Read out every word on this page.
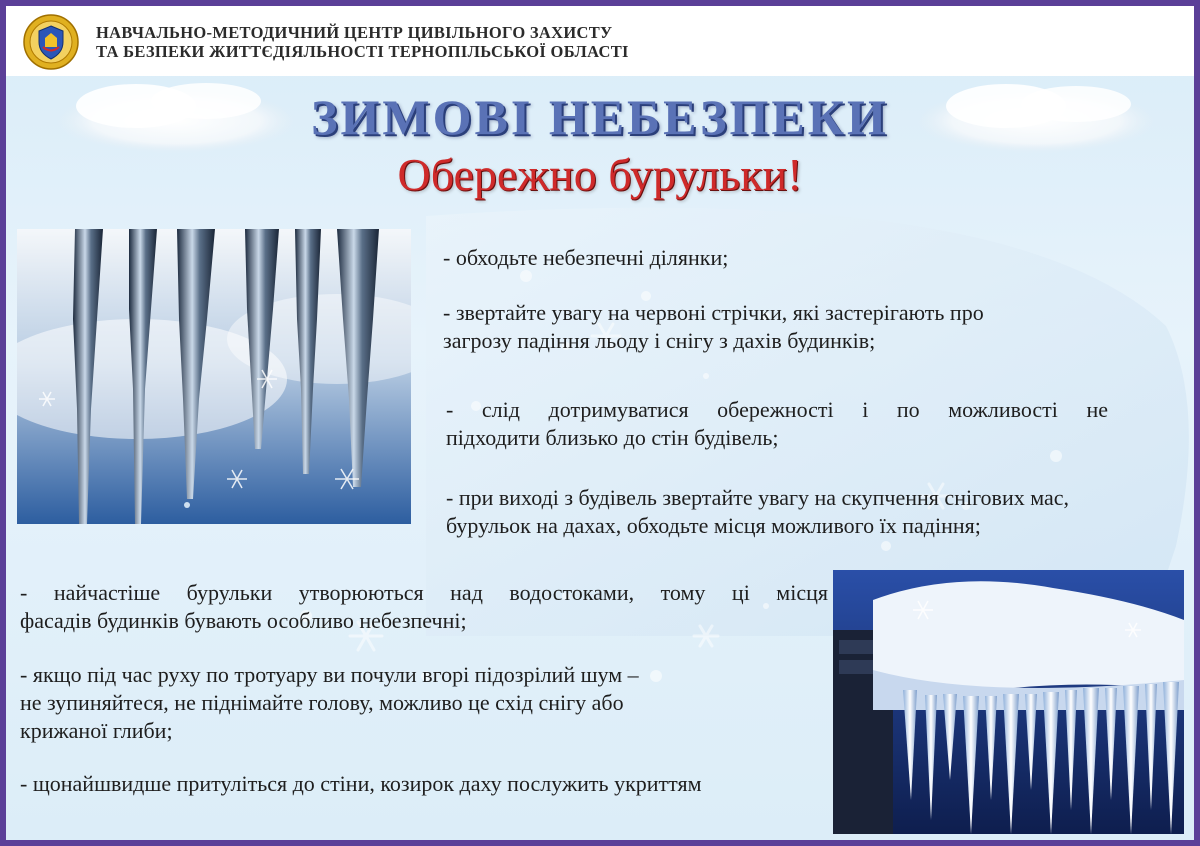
НАВЧАЛЬНО-МЕТОДИЧНИЙ ЦЕНТР ЦИВІЛЬНОГО ЗАХИСТУ
ТА БЕЗПЕКИ ЖИТТЄДІЯЛЬНОСТІ ТЕРНОПІЛЬСЬКОЇ ОБЛАСТІ
ЗИМОВІ НЕБЕЗПЕКИ
Обережно бурульки!
- обходьте небезпечні ділянки;
- звертайте увагу на червоні стрічки, які застерігають про
загрозу падіння льоду і снігу з дахів будинків;
- слід дотримуватися обережності і по можливості не
підходити близько до стін будівель;
- при виході з будівель звертайте увагу на скупчення снігових мас,
бурульок на дахах, обходьте місця можливого їх падіння;
- найчастіше бурульки утворюються над водостоками, тому ці місця
фасадів будинків бувають особливо небезпечні;
- якщо під час руху по тротуару ви почули вгорі підозрілий шум –
не зупиняйтеся, не піднімайте голову, можливо це схід снігу або
крижаної глиби;
- щонайшвидше притуліться до стіни, козирок даху послужить укриттям
